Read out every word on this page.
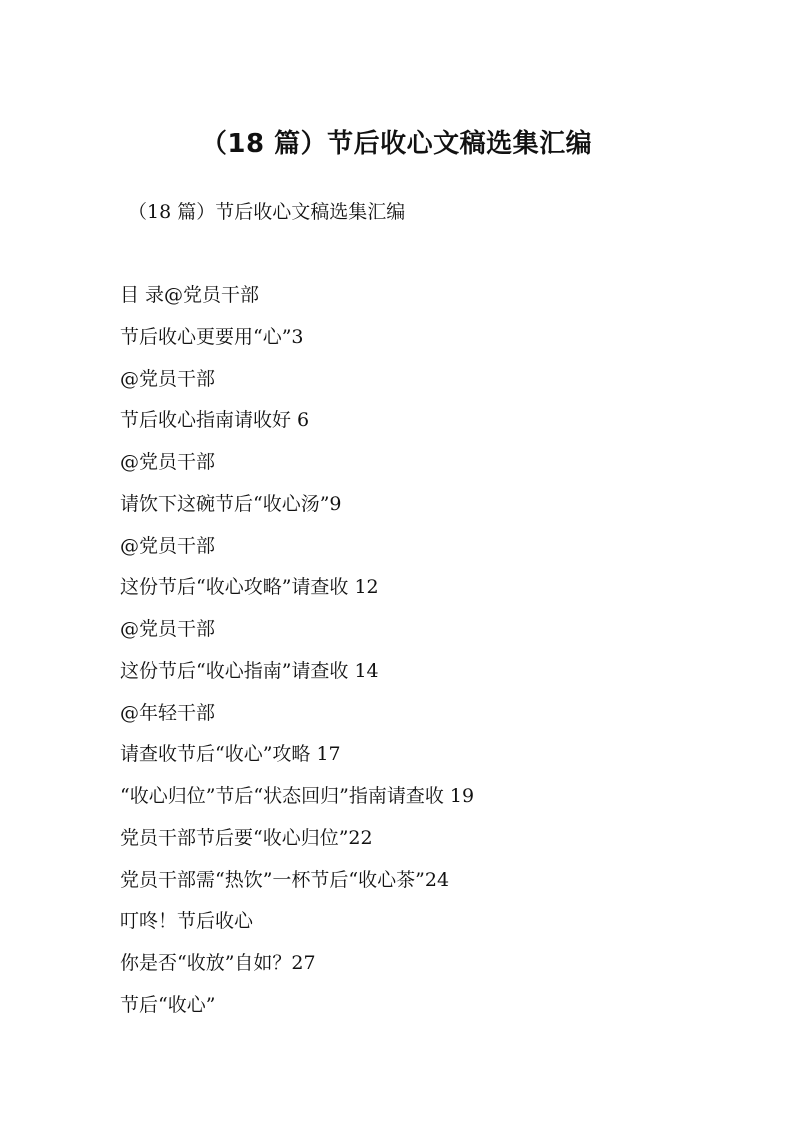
（18 篇）节后收心文稿选集汇编

（18 篇）节后收心文稿选集汇编

目 录@党员干部
节后收心更要用“心”3
@党员干部
节后收心指南请收好 6
@党员干部
请饮下这碗节后“收心汤”9
@党员干部
这份节后“收心攻略”请查收 12
@党员干部
这份节后“收心指南”请查收 14
@年轻干部
请查收节后“收心”攻略 17
“收心归位”节后“状态回归”指南请查收 19
党员干部节后要“收心归位”22
党员干部需“热饮”一杯节后“收心茶”24
叮咚！节后收心
你是否“收放”自如？27
节后“收心”
